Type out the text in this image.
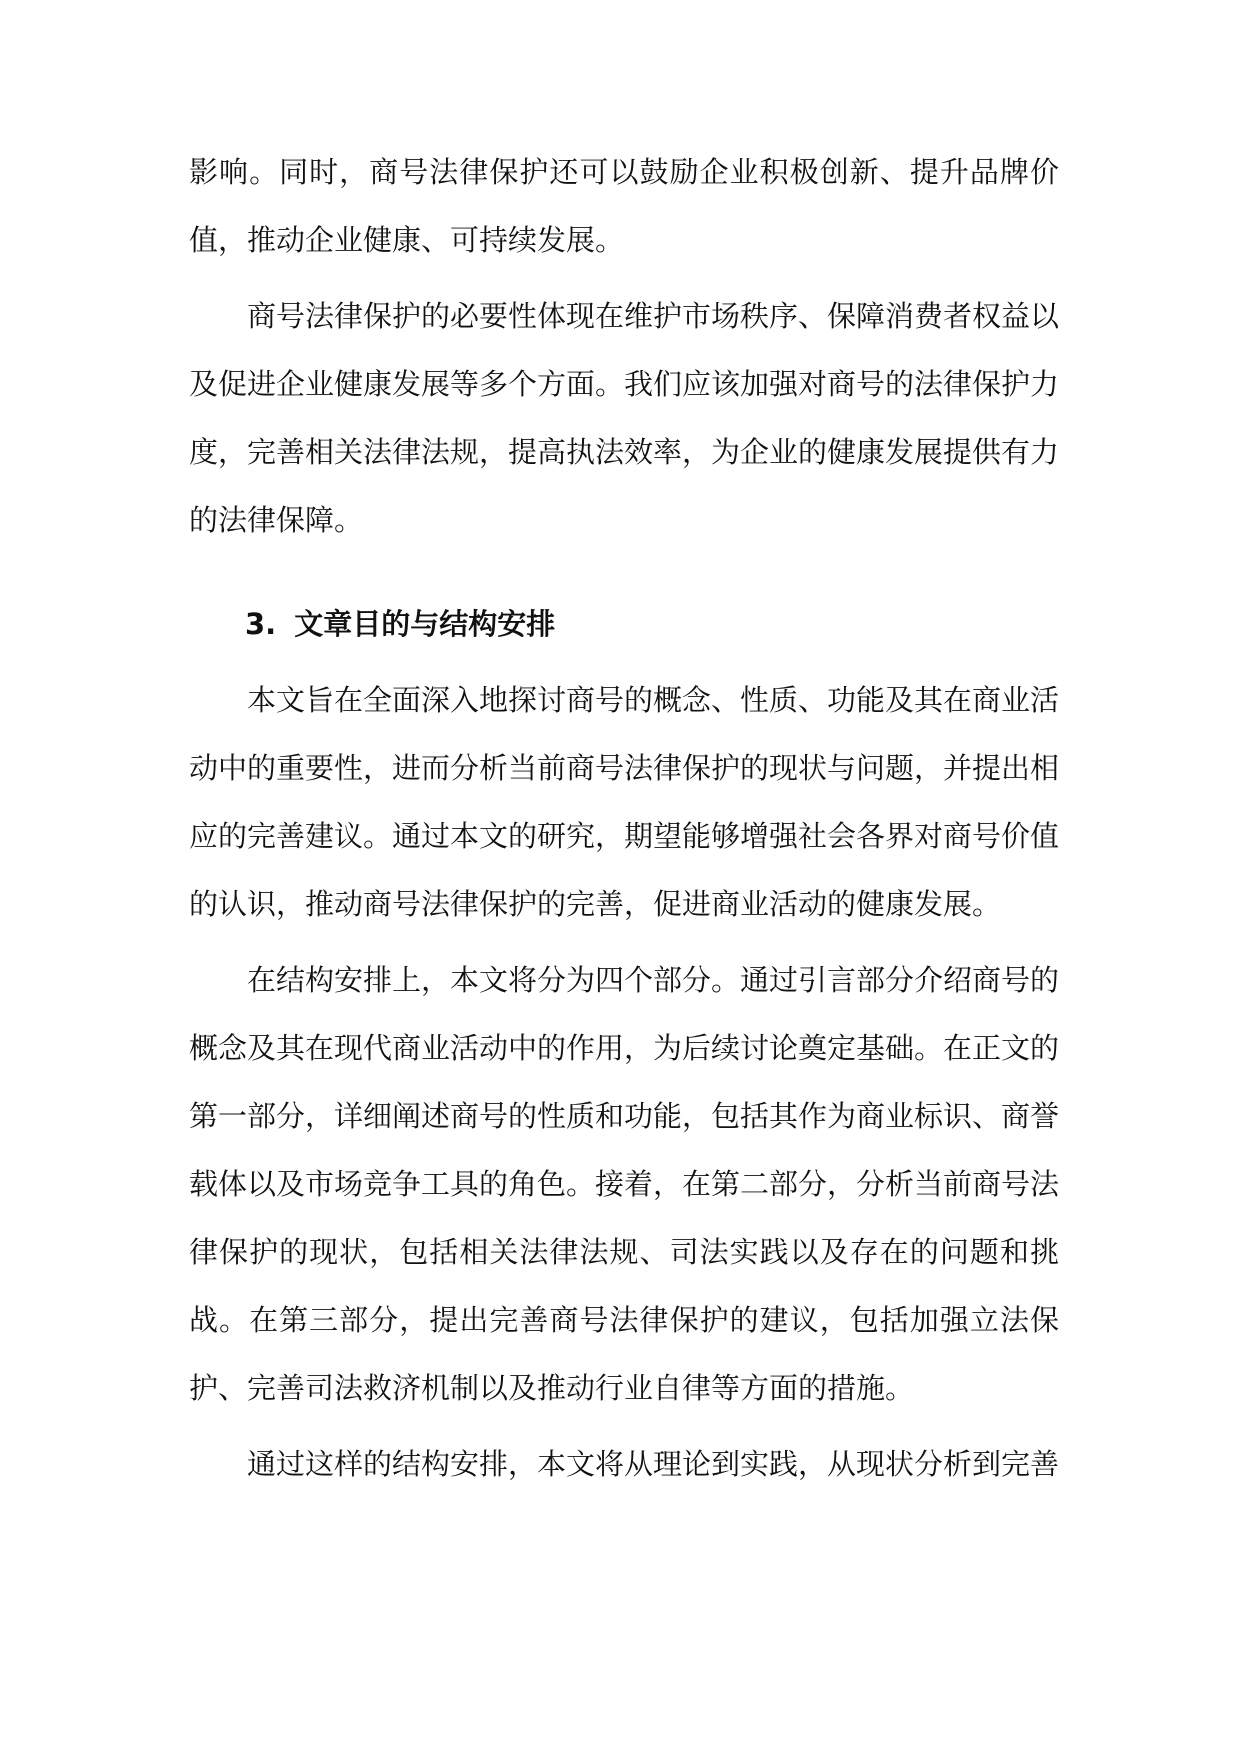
影响。同时，商号法律保护还可以鼓励企业积极创新、提升品牌价值，推动企业健康、可持续发展。

商号法律保护的必要性体现在维护市场秩序、保障消费者权益以及促进企业健康发展等多个方面。我们应该加强对商号的法律保护力度，完善相关法律法规，提高执法效率，为企业的健康发展提供有力的法律保障。

3. 文章目的与结构安排

本文旨在全面深入地探讨商号的概念、性质、功能及其在商业活动中的重要性，进而分析当前商号法律保护的现状与问题，并提出相应的完善建议。通过本文的研究，期望能够增强社会各界对商号价值的认识，推动商号法律保护的完善，促进商业活动的健康发展。

在结构安排上，本文将分为四个部分。通过引言部分介绍商号的概念及其在现代商业活动中的作用，为后续讨论奠定基础。在正文的第一部分，详细阐述商号的性质和功能，包括其作为商业标识、商誉载体以及市场竞争工具的角色。接着，在第二部分，分析当前商号法律保护的现状，包括相关法律法规、司法实践以及存在的问题和挑战。在第三部分，提出完善商号法律保护的建议，包括加强立法保护、完善司法救济机制以及推动行业自律等方面的措施。

通过这样的结构安排，本文将从理论到实践，从现状分析到完善
